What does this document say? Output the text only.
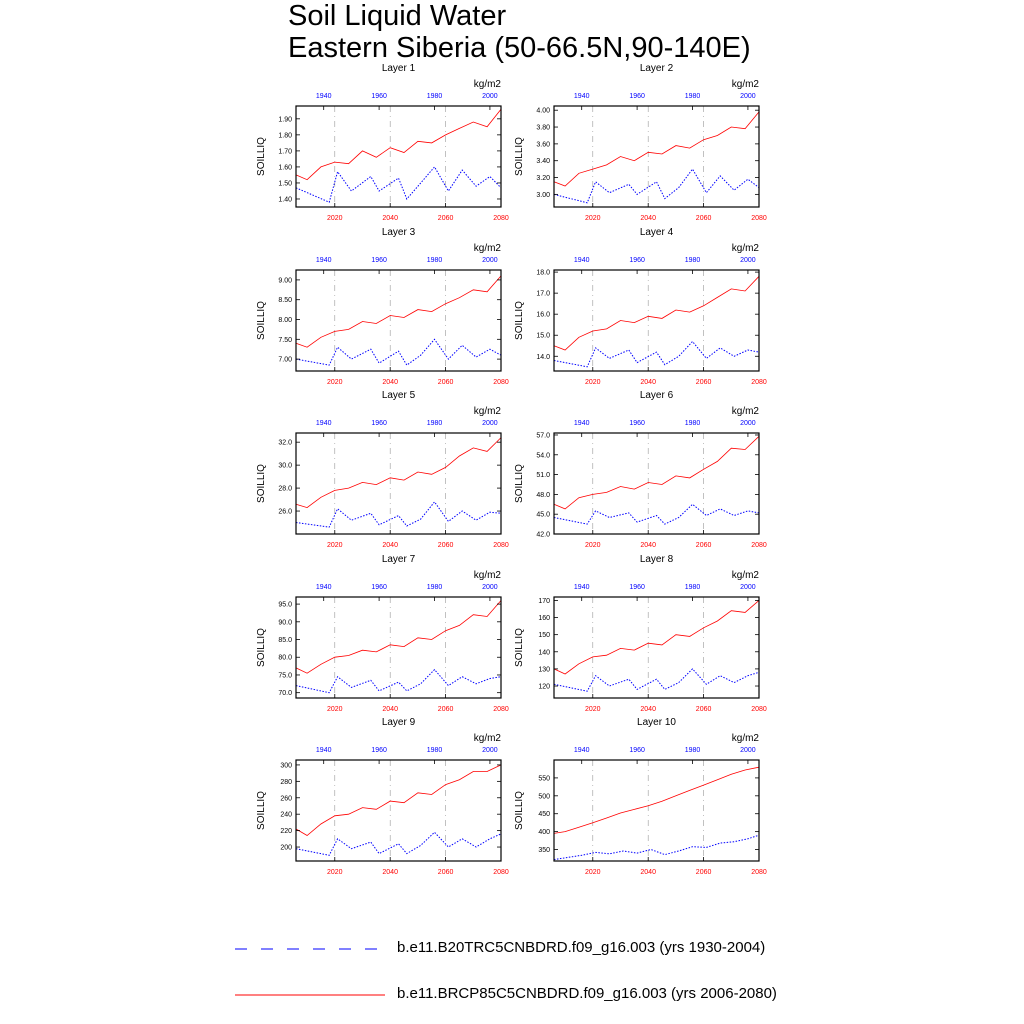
Soil Liquid Water
Eastern Siberia (50-66.5N,90-140E)
Layer 1
kg/m2
SOILLIQ
1.40
1.50
1.60
1.70
1.80
1.90
2020	2040	2060	2080
1940	1960	1980	2000
Layer 2
kg/m2
SOILLIQ
3.00
3.20
3.40
3.60
3.80
4.00
2020	2040	2060	2080
1940	1960	1980	2000
Layer 3
kg/m2
SOILLIQ
7.00
7.50
8.00
8.50
9.00
2020	2040	2060	2080
1940	1960	1980	2000
Layer 4
kg/m2
SOILLIQ
14.0
15.0
16.0
17.0
18.0
2020	2040	2060	2080
1940	1960	1980	2000
Layer 5
kg/m2
SOILLIQ
26.0
28.0
30.0
32.0
2020	2040	2060	2080
1940	1960	1980	2000
Layer 6
kg/m2
SOILLIQ
42.0
45.0
48.0
51.0
54.0
57.0
2020	2040	2060	2080
1940	1960	1980	2000
Layer 7
kg/m2
SOILLIQ
70.0
75.0
80.0
85.0
90.0
95.0
2020	2040	2060	2080
1940	1960	1980	2000
Layer 8
kg/m2
SOILLIQ
120
130
140
150
160
170
2020	2040	2060	2080
1940	1960	1980	2000
Layer 9
kg/m2
SOILLIQ
200
220
240
260
280
300
2020	2040	2060	2080
1940	1960	1980	2000
Layer 10
kg/m2
SOILLIQ
350
400
450
500
550
2020	2040	2060	2080
1940	1960	1980	2000
b.e11.B20TRC5CNBDRD.f09_g16.003 (yrs 1930-2004)
b.e11.BRCP85C5CNBDRD.f09_g16.003 (yrs 2006-2080)
